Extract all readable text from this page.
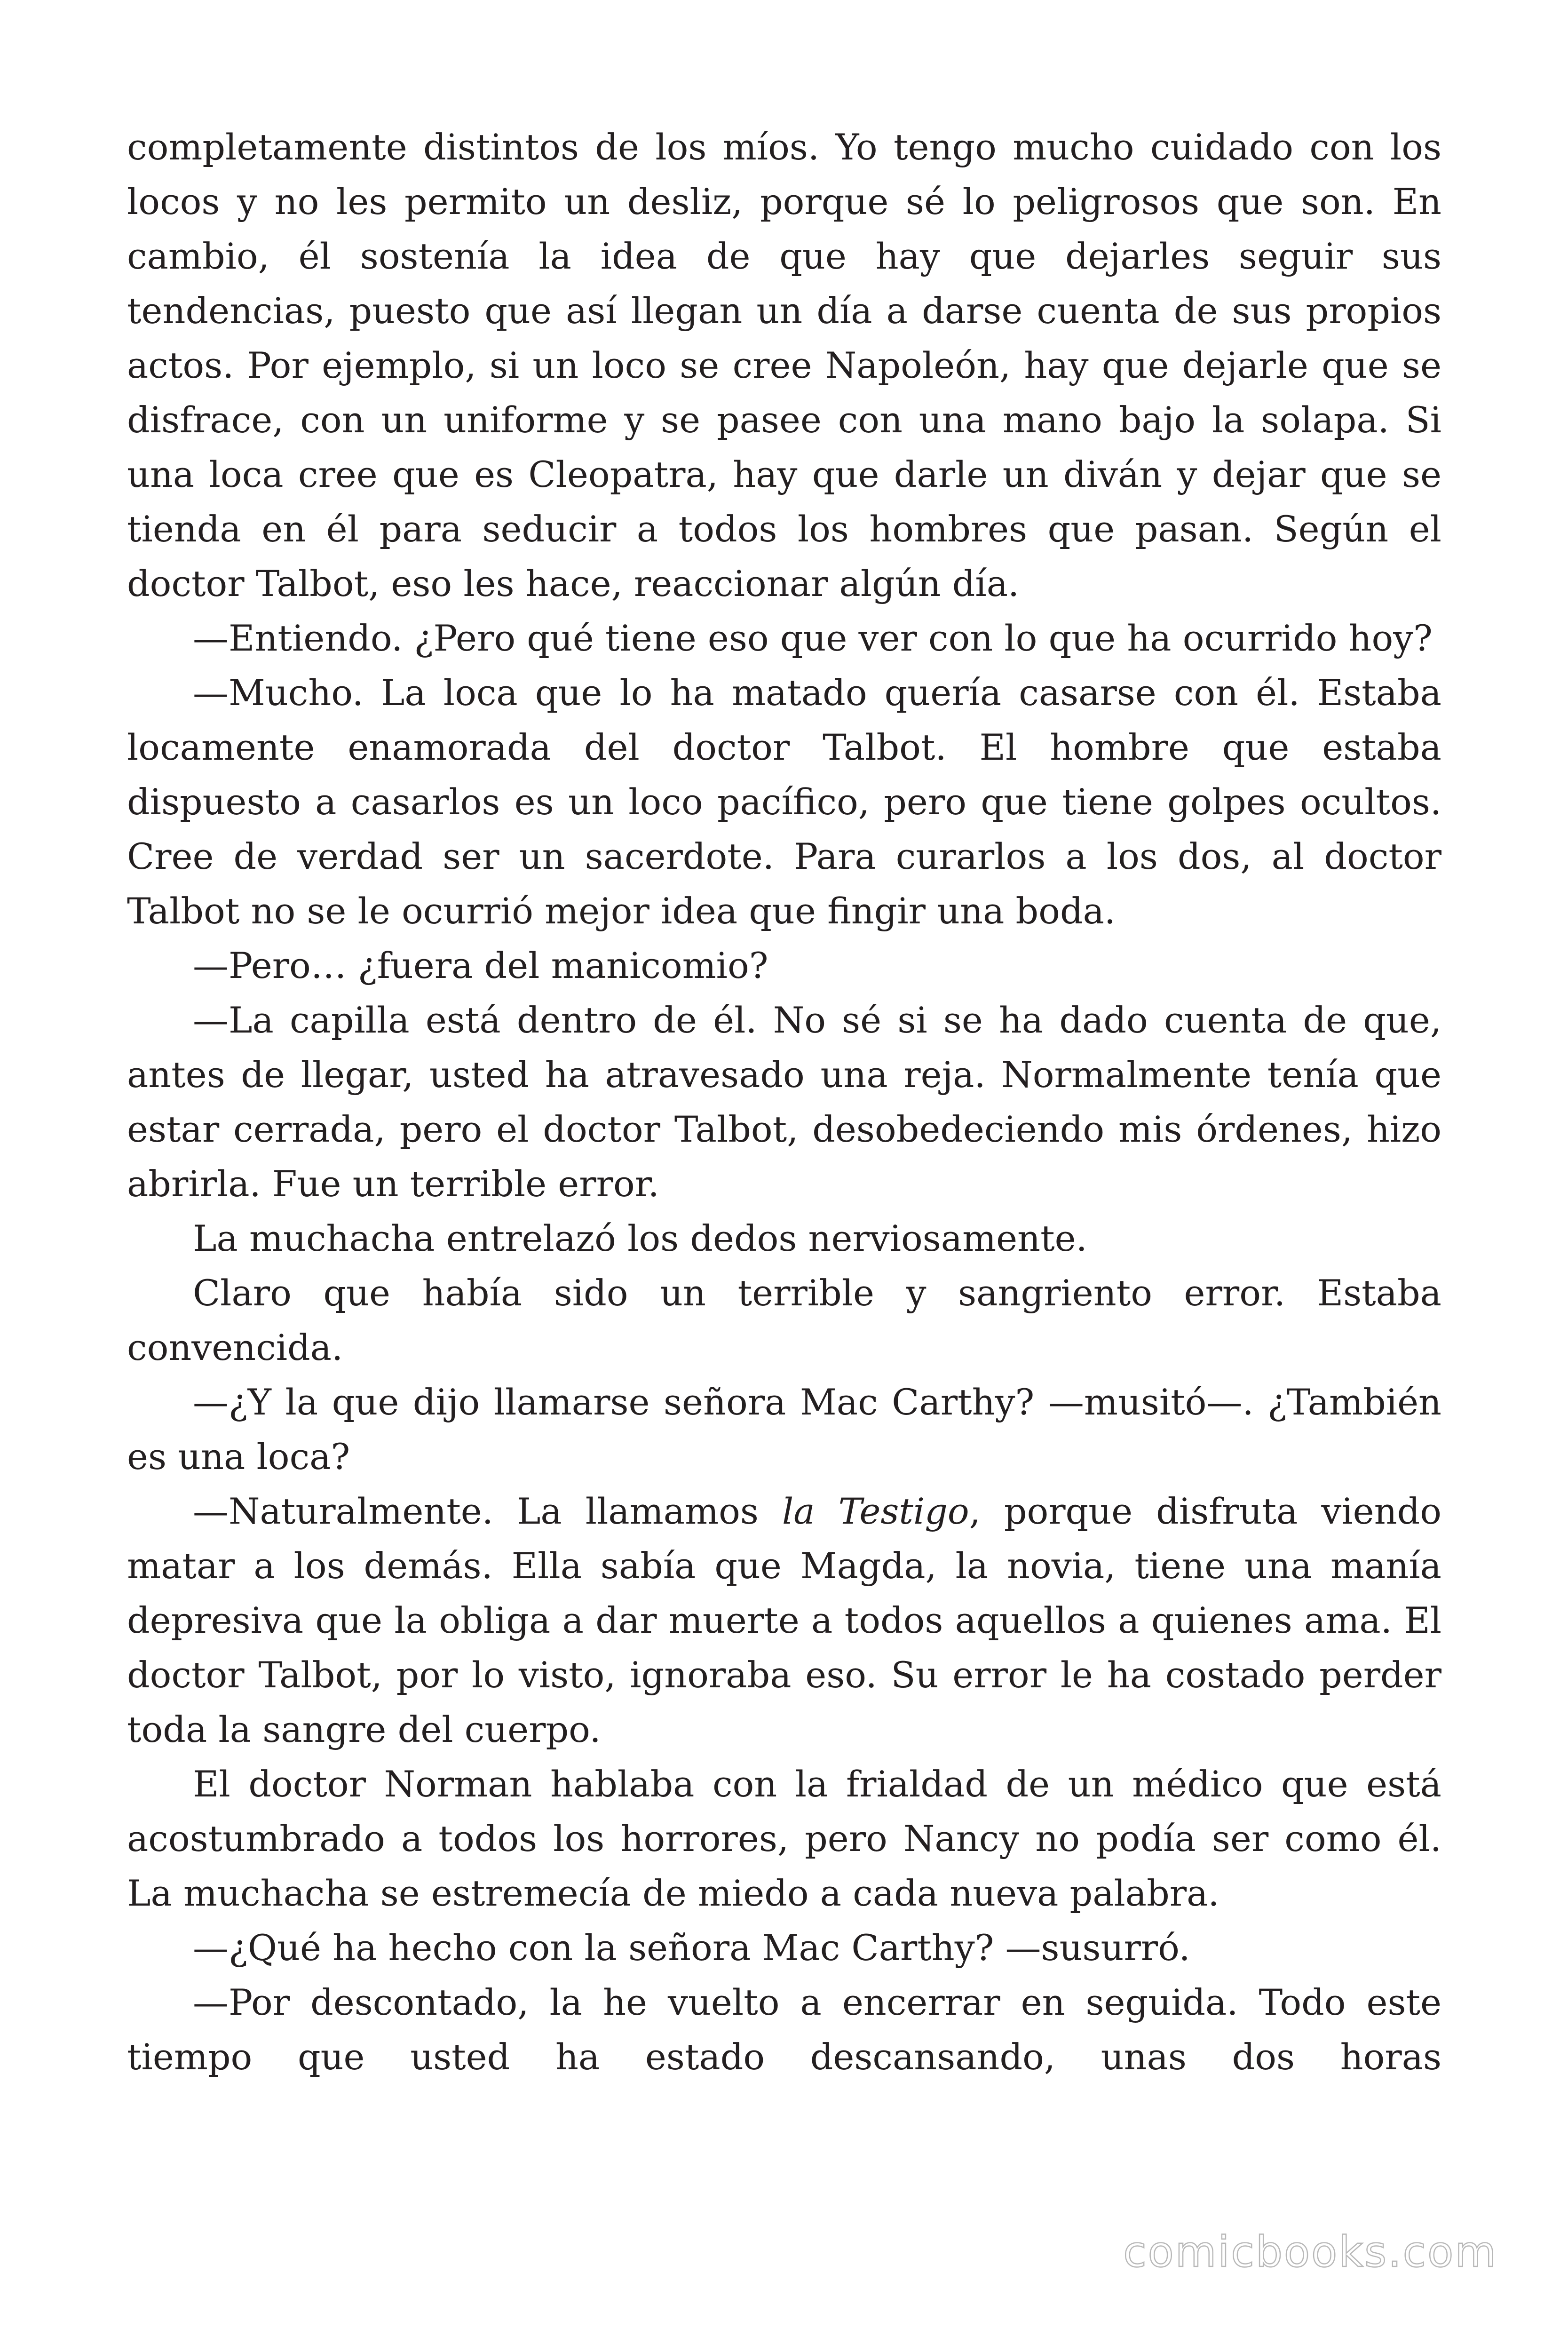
completamente distintos de los míos. Yo tengo mucho cuidado con los locos y no les permito un desliz, porque sé lo peligrosos que son. En cambio, él sostenía la idea de que hay que dejarles seguir sus tendencias, puesto que así llegan un día a darse cuenta de sus propios actos. Por ejemplo, si un loco se cree Napoleón, hay que dejarle que se disfrace, con un uniforme y se pasee con una mano bajo la solapa. Si una loca cree que es Cleopatra, hay que darle un diván y dejar que se tienda en él para seducir a todos los hombres que pasan. Según el doctor Talbot, eso les hace, reaccionar algún día.

—Entiendo. ¿Pero qué tiene eso que ver con lo que ha ocurrido hoy?

—Mucho. La loca que lo ha matado quería casarse con él. Estaba locamente enamorada del doctor Talbot. El hombre que estaba dispuesto a casarlos es un loco pacífico, pero que tiene golpes ocultos. Cree de verdad ser un sacerdote. Para curarlos a los dos, al doctor Talbot no se le ocurrió mejor idea que fingir una boda.

—Pero… ¿fuera del manicomio?

—La capilla está dentro de él. No sé si se ha dado cuenta de que, antes de llegar, usted ha atravesado una reja. Normalmente tenía que estar cerrada, pero el doctor Talbot, desobedeciendo mis órdenes, hizo abrirla. Fue un terrible error.

La muchacha entrelazó los dedos nerviosamente.

Claro que había sido un terrible y sangriento error. Estaba convencida.

—¿Y la que dijo llamarse señora Mac Carthy? —musitó—. ¿También es una loca?

—Naturalmente. La llamamos la Testigo, porque disfruta viendo matar a los demás. Ella sabía que Magda, la novia, tiene una manía depresiva que la obliga a dar muerte a todos aquellos a quienes ama. El doctor Talbot, por lo visto, ignoraba eso. Su error le ha costado perder toda la sangre del cuerpo.

El doctor Norman hablaba con la frialdad de un médico que está acostumbrado a todos los horrores, pero Nancy no podía ser como él. La muchacha se estremecía de miedo a cada nueva palabra.

—¿Qué ha hecho con la señora Mac Carthy? —susurró.

—Por descontado, la he vuelto a encerrar en seguida. Todo este tiempo que usted ha estado descansando, unas dos horas

comicbooks.com
